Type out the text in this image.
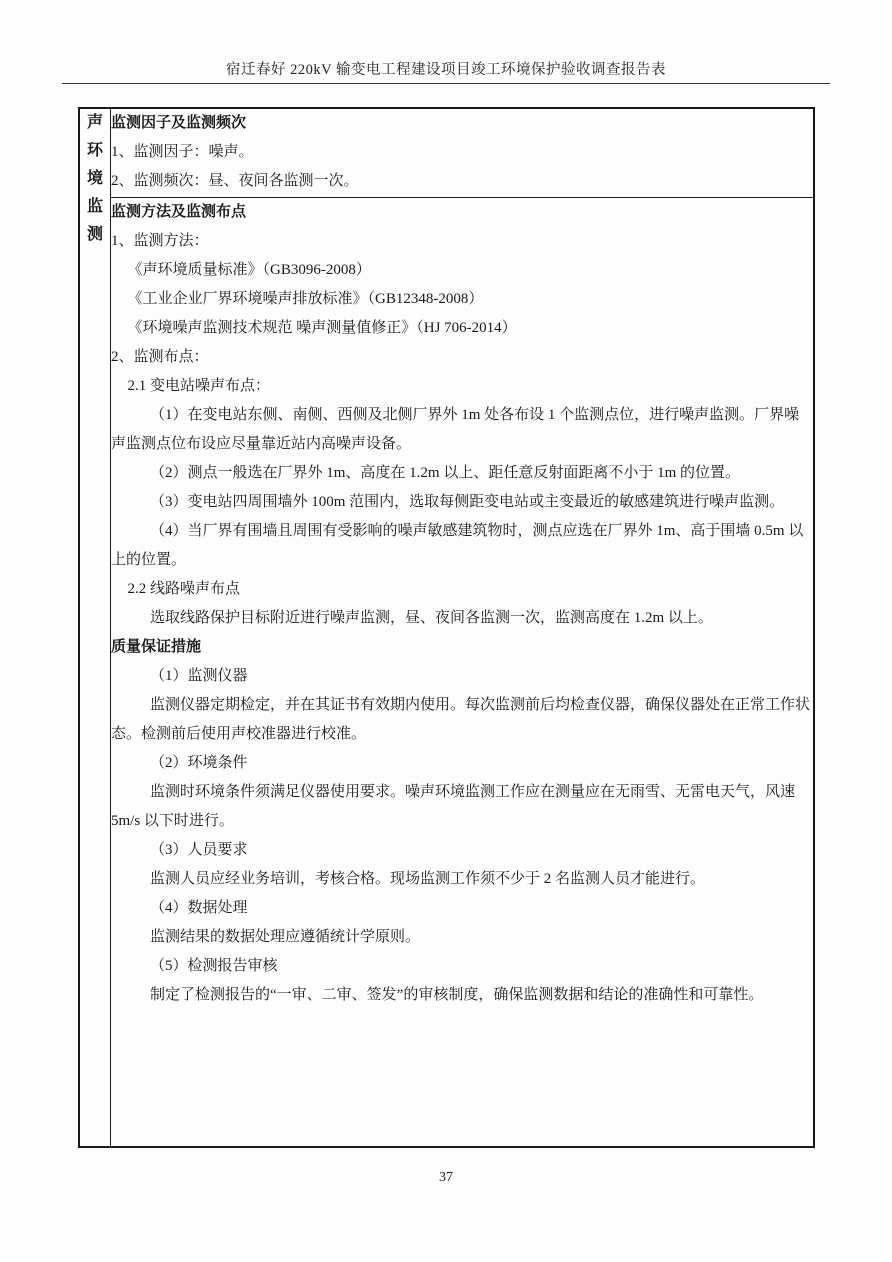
宿迁春好 220kV 输变电工程建设项目竣工环境保护验收调查报告表
声环境监测

监测因子及监测频次
1、监测因子：噪声。
2、监测频次：昼、夜间各监测一次。

监测方法及监测布点
1、监测方法：
《声环境质量标准》（GB3096-2008）
《工业企业厂界环境噪声排放标准》（GB12348-2008）
《环境噪声监测技术规范 噪声测量值修正》（HJ 706-2014）
2、监测布点：
2.1 变电站噪声布点：
（1）在变电站东侧、南侧、西侧及北侧厂界外 1m 处各布设 1 个监测点位，进行噪声监测。厂界噪声监测点位布设应尽量靠近站内高噪声设备。
（2）测点一般选在厂界外 1m、高度在 1.2m 以上、距任意反射面距离不小于 1m 的位置。
（3）变电站四周围墙外 100m 范围内，选取每侧距变电站或主变最近的敏感建筑进行噪声监测。
（4）当厂界有围墙且周围有受影响的噪声敏感建筑物时，测点应选在厂界外 1m、高于围墙 0.5m 以上的位置。
2.2 线路噪声布点
选取线路保护目标附近进行噪声监测，昼、夜间各监测一次，监测高度在 1.2m 以上。
质量保证措施
（1）监测仪器
监测仪器定期检定，并在其证书有效期内使用。每次监测前后均检查仪器，确保仪器处在正常工作状态。检测前后使用声校准器进行校准。
（2）环境条件
监测时环境条件须满足仪器使用要求。噪声环境监测工作应在测量应在无雨雪、无雷电天气，风速 5m/s 以下时进行。
（3）人员要求
监测人员应经业务培训，考核合格。现场监测工作须不少于 2 名监测人员才能进行。
（4）数据处理
监测结果的数据处理应遵循统计学原则。
（5）检测报告审核
制定了检测报告的“一审、二审、签发”的审核制度，确保监测数据和结论的准确性和可靠性。
37
